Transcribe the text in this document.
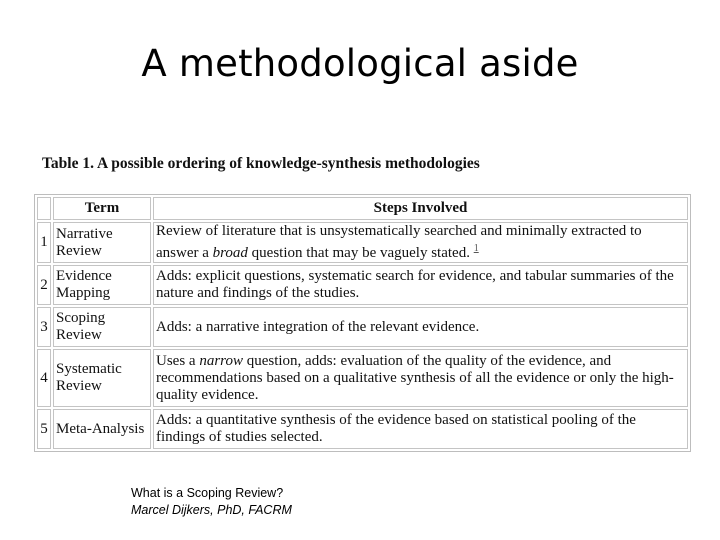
A methodological aside
Table 1. A possible ordering of knowledge-synthesis methodologies
	Term	Steps Involved
1	Narrative Review	Review of literature that is unsystematically searched and minimally extracted to answer a broad question that may be vaguely stated. $^1$
2	Evidence Mapping	Adds: explicit questions, systematic search for evidence, and tabular summaries of the nature and findings of the studies.
3	Scoping Review	Adds: a narrative integration of the relevant evidence.
4	Systematic Review	Uses a narrow question, adds: evaluation of the quality of the evidence, and recommendations based on a qualitative synthesis of all the evidence or only the high-quality evidence.
5	Meta-Analysis	Adds: a quantitative synthesis of the evidence based on statistical pooling of the findings of studies selected.
What is a Scoping Review?
Marcel Dijkers, PhD, FACRM
